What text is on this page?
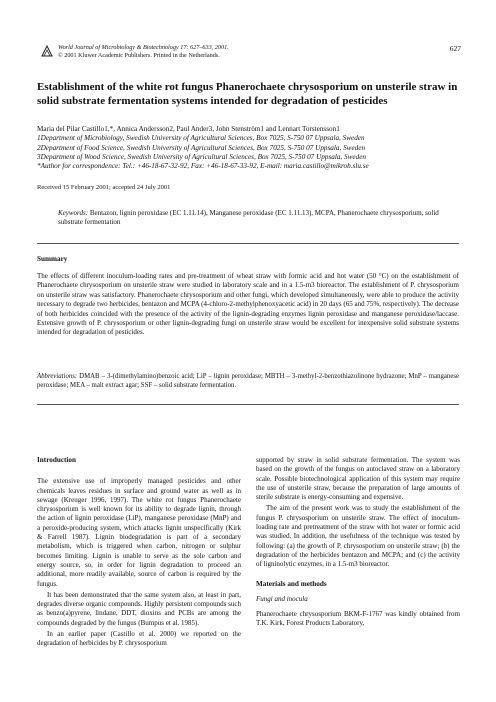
World Journal of Microbiology & Biotechnology 17: 627–633, 2001.
© 2001 Kluwer Academic Publishers. Printed in the Netherlands.
627
Establishment of the white rot fungus Phanerochaete chrysosporium on unsterile straw in solid substrate fermentation systems intended for degradation of pesticides
Maria del Pilar Castillo1,*, Annica Andersson2, Paul Ander3, John Stenström1 and Lennart Torstensson1
1Department of Microbiology, Swedish University of Agricultural Sciences, Box 7025, S-750 07 Uppsala, Sweden
2Department of Food Science, Swedish University of Agricultural Sciences, Box 7025, S-750 07 Uppsala, Sweden
3Department of Wood Science, Swedish University of Agricultural Sciences, Box 7025, S-750 07 Uppsala, Sweden
*Author for correspondence: Tel.: +46-18-67-32-92, Fax: +46-18-67-33-92, E-mail: maria.castillo@mikrob.slu.se
Received 15 February 2001; accepted 24 July 2001
Keywords: Bentazon, lignin peroxidase (EC 1.11.14), Manganese peroxidase (EC 1.11.13), MCPA, Phanerochaete chrysosporium, solid substrate fermentation
Summary
The effects of different inoculum-loading rates and pre-treatment of wheat straw with formic acid and hot water (50 °C) on the establishment of Phanerochaete chrysosporium on unsterile straw were studied in laboratory scale and in a 1.5-m3 bioreactor. The establishment of P. chrysosporium on unsterile straw was satisfactory. Phanerochaete chrysosporium and other fungi, which developed simultaneously, were able to produce the activity necessary to degrade two herbicides, bentazon and MCPA (4-chloro-2-methylphenoxyacetic acid) in 20 days (65 and 75%, respectively). The decrease of both herbicides coincided with the presence of the activity of the lignin-degrading enzymes lignin peroxidase and manganese peroxidase/laccase. Extensive growth of P. chrysosporium or other lignin-degrading fungi on unsterile straw would be excellent for inexpensive solid substrate systems intended for degradation of pesticides.
Abbreviations: DMAB – 3-(dimethylamino)benzoic acid; LiP – lignin peroxidase; MBTH – 3-methyl-2-benzothiazolinone hydrazone; MnP – manganese peroxidase; MEA – malt extract agar; SSF – solid substrate fermentation.
Introduction

The extensive use of improperly managed pesticides and other chemicals leaves residues in surface and ground water as well as in sewage (Kreuger 1996, 1997). The white rot fungus Phanerochaete chrysosporium is well known for its ability to degrade lignin, through the action of lignin peroxidase (LiP), manganese peroxidase (MnP) and a peroxide-producing system, which attacks lignin unspecifically (Kirk & Farrell 1987). Lignin biodegradation is part of a secondary metabolism, which is triggered when carbon, nitrogen or sulphur becomes limiting. Lignin is unable to serve as the sole carbon and energy source, so, in order for lignin degradation to proceed an additional, more readily available, source of carbon is required by the fungus.

It has been demonstrated that the same system also, at least in part, degrades diverse organic compounds. Highly persistent compounds such as benzo(a)pyrene, lindane, DDT, dioxins and PCBs are among the compounds degraded by the fungus (Bumpus et al. 1985).

In an earlier paper (Castillo et al. 2000) we reported on the degradation of herbicides by P. chrysosporium

supported by straw in solid substrate fermentation. The system was based on the growth of the fungus on autoclaved straw on a laboratory scale. Possible biotechnological application of this system may require the use of unsterile straw, because the preparation of large amounts of sterile substrate is energy-consuming and expensive.

The aim of the present work was to study the establishment of the fungus P. chrysosporium on unsterile straw. The effect of inoculum-loading rate and pretreatment of the straw with hot water or formic acid was studied. In addition, the usefulness of the technique was tested by following: (a) the growth of P. chrysosporium on unsterile straw; (b) the degradation of the herbicides bentazon and MCPA; and (c) the activity of ligninolytic enzymes, in a 1.5-m3 bioreactor.

Materials and methods

Fungi and inocula

Phanerochaete chrysosporium BKM-F-1767 was kindly obtained from T.K. Kirk, Forest Products Laboratory,
